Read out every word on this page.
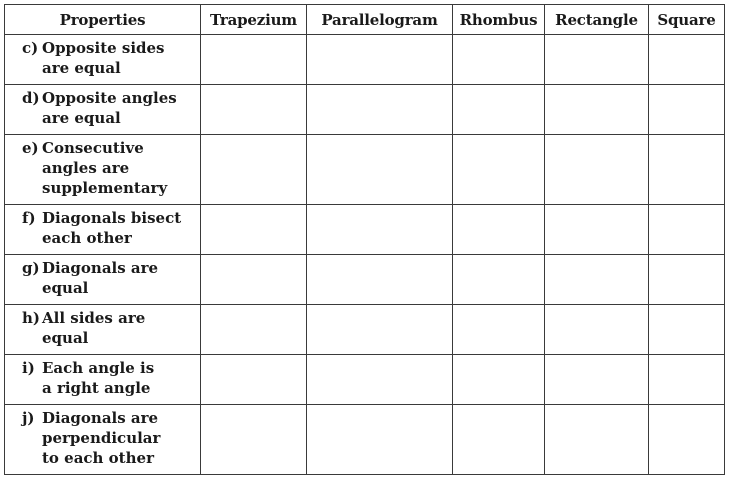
Properties	Trapezium	Parallelogram	Rhombus	Rectangle	Square

c) Opposite sides
are equal					

d) Opposite angles
are equal					

e) Consecutive
angles are
supplementary					

f) Diagonals bisect
each other					

g) Diagonals are
equal					

h) All sides are
equal					

i) Each angle is
a right angle					

j) Diagonals are
perpendicular
to each other					
